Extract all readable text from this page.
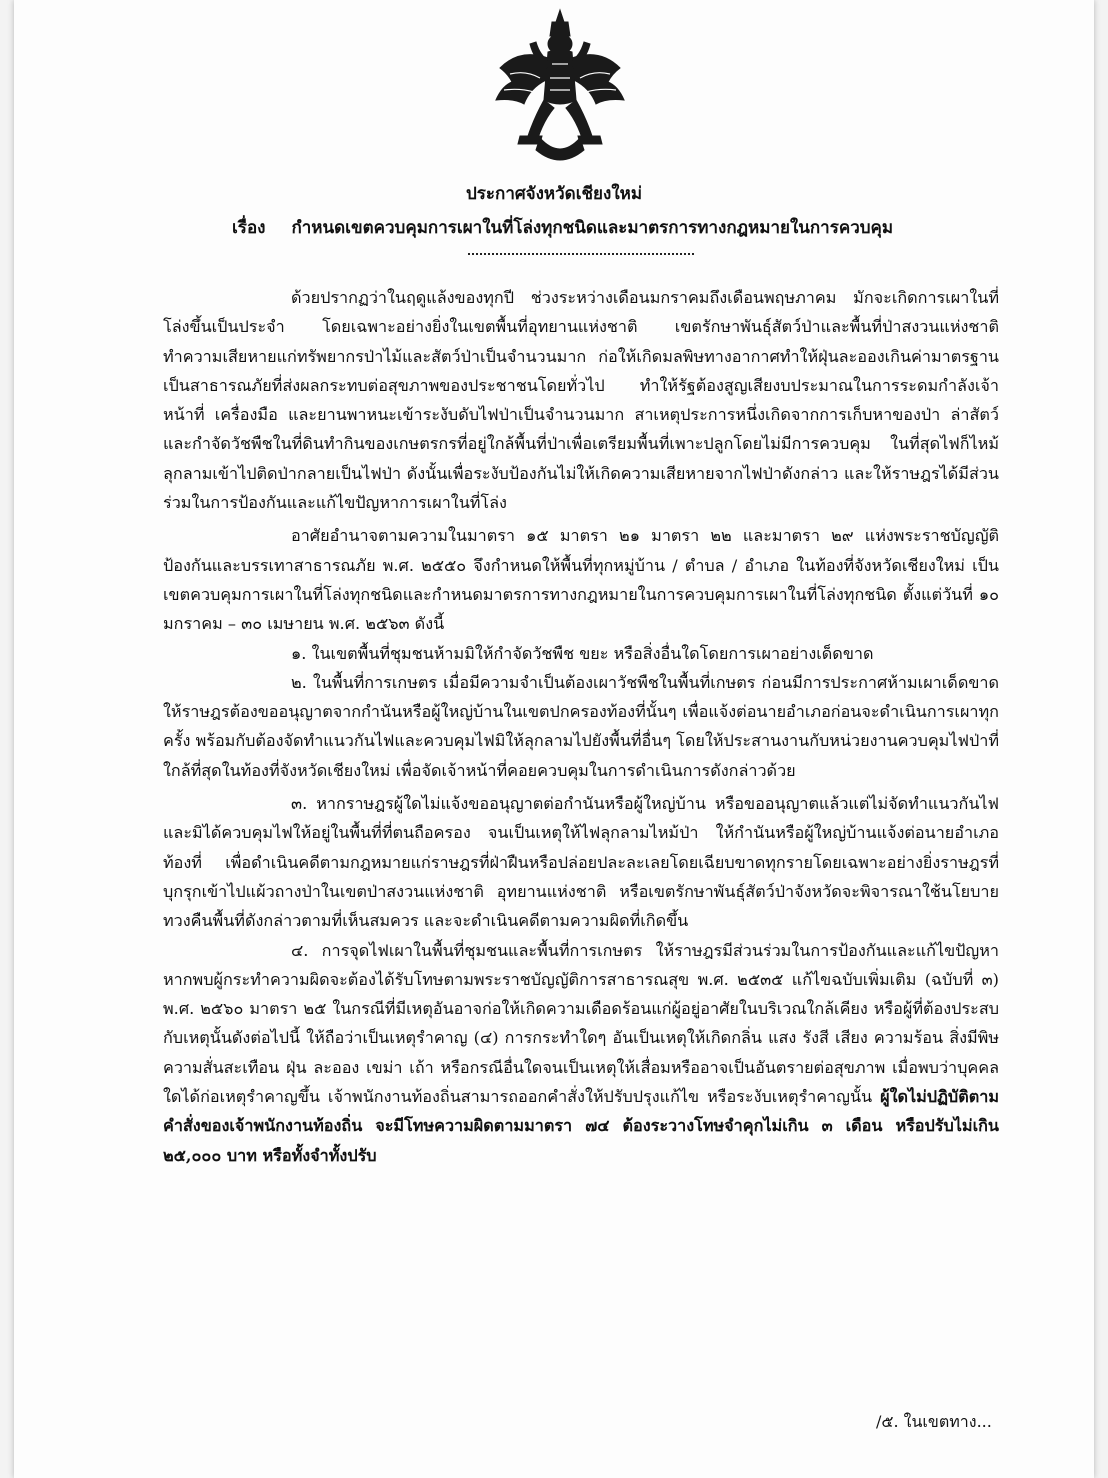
ประกาศจังหวัดเชียงใหม่
เรื่อง กำหนดเขตควบคุมการเผาในที่โล่งทุกชนิดและมาตรการทางกฎหมายในการควบคุม

ด้วยปรากฏว่าในฤดูแล้งของทุกปี ช่วงระหว่างเดือนมกราคมถึงเดือนพฤษภาคม มักจะเกิดการเผาในที่โล่งขึ้นเป็นประจำ โดยเฉพาะอย่างยิ่งในเขตพื้นที่อุทยานแห่งชาติ เขตรักษาพันธุ์สัตว์ป่าและพื้นที่ป่าสงวนแห่งชาติ ทำความเสียหายแก่ทรัพยากรป่าไม้และสัตว์ป่าเป็นจำนวนมาก ก่อให้เกิดมลพิษทางอากาศทำให้ฝุ่นละอองเกินค่ามาตรฐานเป็นสาธารณภัยที่ส่งผลกระทบต่อสุขภาพของประชาชนโดยทั่วไป ทำให้รัฐต้องสูญเสียงบประมาณในการระดมกำลังเจ้าหน้าที่ เครื่องมือ และยานพาหนะเข้าระงับดับไฟป่าเป็นจำนวนมาก สาเหตุประการหนึ่งเกิดจากการเก็บหาของป่า ล่าสัตว์ และกำจัดวัชพืชในที่ดินทำกินของเกษตรกรที่อยู่ใกล้พื้นที่ป่าเพื่อเตรียมพื้นที่เพาะปลูกโดยไม่มีการควบคุม ในที่สุดไฟก็ไหม้ลุกลามเข้าไปติดป่ากลายเป็นไฟป่า ดังนั้นเพื่อระงับป้องกันไม่ให้เกิดความเสียหายจากไฟป่าดังกล่าว และให้ราษฎรได้มีส่วนร่วมในการป้องกันและแก้ไขปัญหาการเผาในที่โล่ง

อาศัยอำนาจตามความในมาตรา ๑๕ มาตรา ๒๑ มาตรา ๒๒ และมาตรา ๒๙ แห่งพระราชบัญญัติป้องกันและบรรเทาสาธารณภัย พ.ศ. ๒๕๕๐ จึงกำหนดให้พื้นที่ทุกหมู่บ้าน / ตำบล / อำเภอ ในท้องที่จังหวัดเชียงใหม่ เป็นเขตควบคุมการเผาในที่โล่งทุกชนิดและกำหนดมาตรการทางกฎหมายในการควบคุมการเผาในที่โล่งทุกชนิด ตั้งแต่วันที่ ๑๐ มกราคม – ๓๐ เมษายน พ.ศ. ๒๕๖๓ ดังนี้

๑. ในเขตพื้นที่ชุมชนห้ามมิให้กำจัดวัชพืช ขยะ หรือสิ่งอื่นใดโดยการเผาอย่างเด็ดขาด

๒. ในพื้นที่การเกษตร เมื่อมีความจำเป็นต้องเผาวัชพืชในพื้นที่เกษตร ก่อนมีการประกาศห้ามเผาเด็ดขาด ให้ราษฎรต้องขออนุญาตจากกำนันหรือผู้ใหญ่บ้านในเขตปกครองท้องที่นั้นๆ เพื่อแจ้งต่อนายอำเภอก่อนจะดำเนินการเผาทุกครั้ง พร้อมกับต้องจัดทำแนวกันไฟและควบคุมไฟมิให้ลุกลามไปยังพื้นที่อื่นๆ โดยให้ประสานงานกับหน่วยงานควบคุมไฟป่าที่ใกล้ที่สุดในท้องที่จังหวัดเชียงใหม่ เพื่อจัดเจ้าหน้าที่คอยควบคุมในการดำเนินการดังกล่าวด้วย

๓. หากราษฎรผู้ใดไม่แจ้งขออนุญาตต่อกำนันหรือผู้ใหญ่บ้าน หรือขออนุญาตแล้วแต่ไม่จัดทำแนวกันไฟ และมิได้ควบคุมไฟให้อยู่ในพื้นที่ที่ตนถือครอง จนเป็นเหตุให้ไฟลุกลามไหม้ป่า ให้กำนันหรือผู้ใหญ่บ้านแจ้งต่อนายอำเภอท้องที่ เพื่อดำเนินคดีตามกฎหมายแก่ราษฎรที่ฝ่าฝืนหรือปล่อยปละละเลยโดยเฉียบขาดทุกรายโดยเฉพาะอย่างยิ่งราษฎรที่บุกรุกเข้าไปแผ้วถางป่าในเขตป่าสงวนแห่งชาติ อุทยานแห่งชาติ หรือเขตรักษาพันธุ์สัตว์ป่าจังหวัดจะพิจารณาใช้นโยบายทวงคืนพื้นที่ดังกล่าวตามที่เห็นสมควร และจะดำเนินคดีตามความผิดที่เกิดขึ้น

๔. การจุดไฟเผาในพื้นที่ชุมชนและพื้นที่การเกษตร ให้ราษฎรมีส่วนร่วมในการป้องกันและแก้ไขปัญหา หากพบผู้กระทำความผิดจะต้องได้รับโทษตามพระราชบัญญัติการสาธารณสุข พ.ศ. ๒๕๓๕ แก้ไขฉบับเพิ่มเติม (ฉบับที่ ๓) พ.ศ. ๒๕๖๐ มาตรา ๒๕ ในกรณีที่มีเหตุอันอาจก่อให้เกิดความเดือดร้อนแก่ผู้อยู่อาศัยในบริเวณใกล้เคียง หรือผู้ที่ต้องประสบกับเหตุนั้นดังต่อไปนี้ ให้ถือว่าเป็นเหตุรำคาญ (๔) การกระทำใดๆ อันเป็นเหตุให้เกิดกลิ่น แสง รังสี เสียง ความร้อน สิ่งมีพิษ ความสั่นสะเทือน ฝุ่น ละออง เขม่า เถ้า หรือกรณีอื่นใดจนเป็นเหตุให้เสื่อมหรืออาจเป็นอันตรายต่อสุขภาพ เมื่อพบว่าบุคคลใดได้ก่อเหตุรำคาญขึ้น เจ้าพนักงานท้องถิ่นสามารถออกคำสั่งให้ปรับปรุงแก้ไข หรือระงับเหตุรำคาญนั้น ผู้ใดไม่ปฏิบัติตามคำสั่งของเจ้าพนักงานท้องถิ่น จะมีโทษความผิดตามมาตรา ๗๔ ต้องระวางโทษจำคุกไม่เกิน ๓ เดือน หรือปรับไม่เกิน ๒๕,๐๐๐ บาท หรือทั้งจำทั้งปรับ

/๕. ในเขตทาง...
